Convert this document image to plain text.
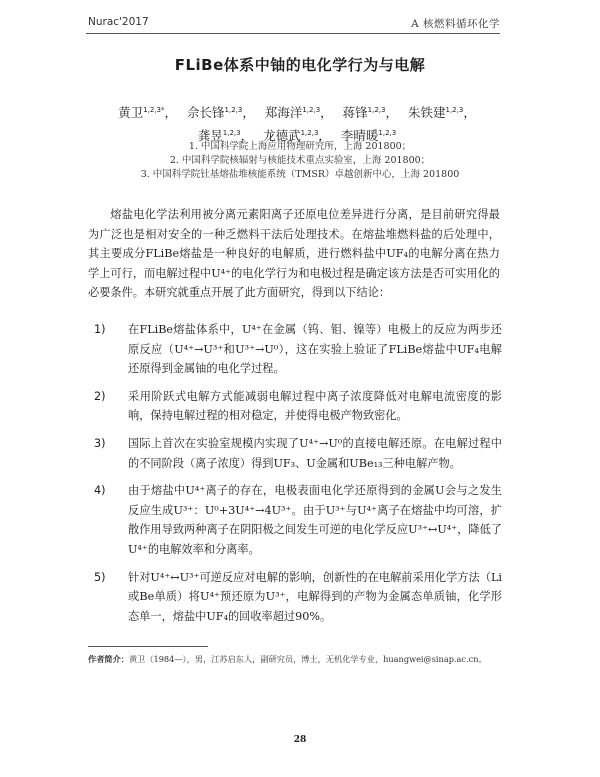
Nurac'2017	A 核燃料循环化学
FLiBe体系中铀的电化学行为与电解
黄卫$^{1,2,3*}$， 佘长锋$^{1,2,3}$， 郑海洋$^{1,2,3}$， 蒋锋$^{1,2,3}$， 朱铁建$^{1,2,3}$， 龚昱$^{1,2,3}$， 龙德武$^{1,2,3}$， 李晴暖$^{1,2,3}$
1. 中国科学院上海应用物理研究所，上海 201800；
2. 中国科学院核辐射与核能技术重点实验室，上海 201800；
3. 中国科学院钍基熔盐堆核能系统（TMSR）卓越创新中心，上海 201800

熔盐电化学法利用被分离元素阳离子还原电位差异进行分离，是目前研究得最为广泛也是相对安全的一种乏燃料干法后处理技术。在熔盐堆燃料盐的后处理中，其主要成分FLiBe熔盐是一种良好的电解质，进行燃料盐中UF₄的电解分离在热力学上可行，而电解过程中U⁴⁺的电化学行为和电极过程是确定该方法是否可实用化的必要条件。本研究就重点开展了此方面研究，得到以下结论：

1) 在FLiBe熔盐体系中，U⁴⁺在金属（钨、钼、镍等）电极上的反应为两步还原反应（U⁴⁺→U³⁺和U³⁺→U⁰），这在实验上验证了FLiBe熔盐中UF₄电解还原得到金属铀的电化学过程。
2) 采用阶跃式电解方式能减弱电解过程中离子浓度降低对电解电流密度的影响，保持电解过程的相对稳定，并使得电极产物致密化。
3) 国际上首次在实验室规模内实现了U⁴⁺→U⁰的直接电解还原。在电解过程中的不同阶段（离子浓度）得到UF₃、U金属和UBe₁₃三种电解产物。
4) 由于熔盐中U⁴⁺离子的存在，电极表面电化学还原得到的金属U会与之发生反应生成U³⁺：U⁰+3U⁴⁺→4U³⁺。由于U³⁺与U⁴⁺离子在熔盐中均可溶，扩散作用导致两种离子在阴阳极之间发生可逆的电化学反应U³⁺↔U⁴⁺，降低了U⁴⁺的电解效率和分离率。
5) 针对U⁴⁺↔U³⁺可逆反应对电解的影响，创新性的在电解前采用化学方法（Li或Be单质）将U⁴⁺预还原为U³⁺，电解得到的产物为金属态单质铀，化学形态单一，熔盐中UF₄的回收率超过90%。
作者简介：黄卫（1984—），男，江苏启东人，副研究员，博士，无机化学专业，huangwei@sinap.ac.cn。
28
